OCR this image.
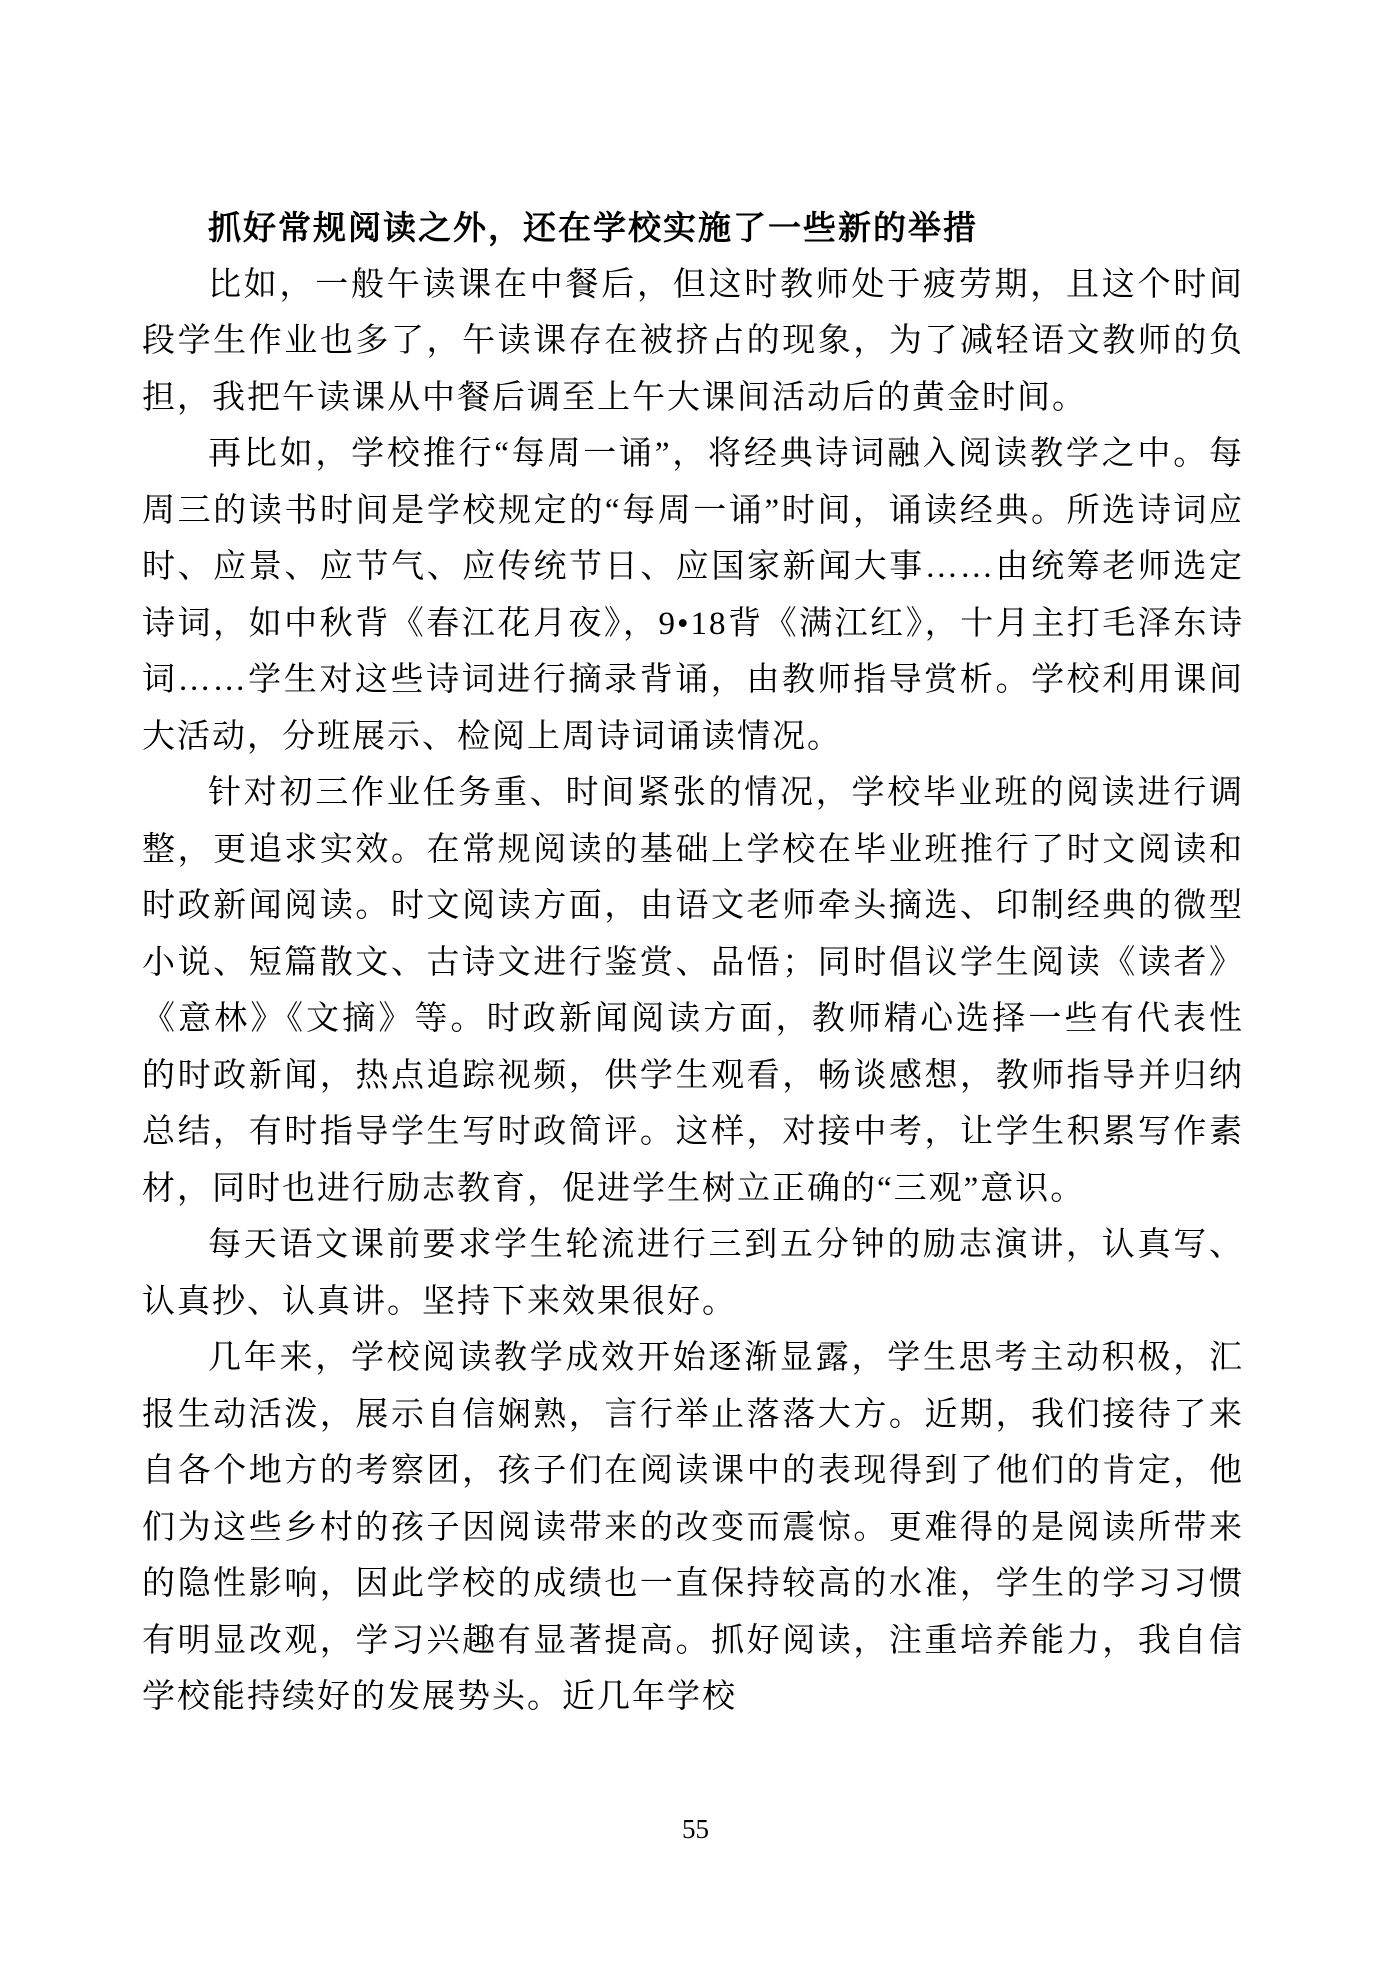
抓好常规阅读之外，还在学校实施了一些新的举措

比如，一般午读课在中餐后，但这时教师处于疲劳期，且这个时间段学生作业也多了，午读课存在被挤占的现象，为了减轻语文教师的负担，我把午读课从中餐后调至上午大课间活动后的黄金时间。

再比如，学校推行“每周一诵”，将经典诗词融入阅读教学之中。每周三的读书时间是学校规定的“每周一诵”时间，诵读经典。所选诗词应时、应景、应节气、应传统节日、应国家新闻大事……由统筹老师选定诗词，如中秋背《春江花月夜》，9•18背《满江红》，十月主打毛泽东诗词……学生对这些诗词进行摘录背诵，由教师指导赏析。学校利用课间大活动，分班展示、检阅上周诗词诵读情况。

针对初三作业任务重、时间紧张的情况，学校毕业班的阅读进行调整，更追求实效。在常规阅读的基础上学校在毕业班推行了时文阅读和时政新闻阅读。时文阅读方面，由语文老师牵头摘选、印制经典的微型小说、短篇散文、古诗文进行鉴赏、品悟；同时倡议学生阅读《读者》《意林》《文摘》等。时政新闻阅读方面，教师精心选择一些有代表性的时政新闻，热点追踪视频，供学生观看，畅谈感想，教师指导并归纳总结，有时指导学生写时政简评。这样，对接中考，让学生积累写作素材，同时也进行励志教育，促进学生树立正确的“三观”意识。

每天语文课前要求学生轮流进行三到五分钟的励志演讲，认真写、认真抄、认真讲。坚持下来效果很好。

几年来，学校阅读教学成效开始逐渐显露，学生思考主动积极，汇报生动活泼，展示自信娴熟，言行举止落落大方。近期，我们接待了来自各个地方的考察团，孩子们在阅读课中的表现得到了他们的肯定，他们为这些乡村的孩子因阅读带来的改变而震惊。更难得的是阅读所带来的隐性影响，因此学校的成绩也一直保持较高的水准，学生的学习习惯有明显改观，学习兴趣有显著提高。抓好阅读，注重培养能力，我自信学校能持续好的发展势头。近几年学校

55
